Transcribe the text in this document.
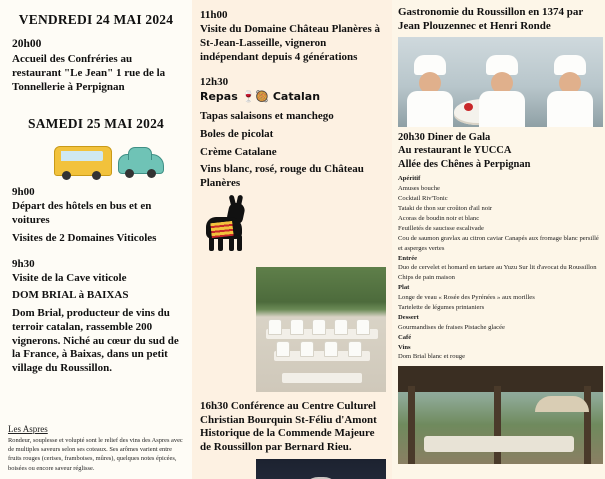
VENDREDI 24 MAI 2024
20h00
Accueil des Confréries au restaurant "Le Jean" 1 rue de la Tonnellerie à Perpignan
SAMEDI 25 MAI 2024
9h00
Départ des hôtels en bus et en voitures
Visites de 2 Domaines Viticoles
9h30
Visite de la Cave viticole
DOM BRIAL à BAIXAS
Dom Brial, producteur de vins du terroir catalan, rassemble 200 vignerons. Niché au cœur du sud de la France, à Baixas, dans un petit village du Roussillon.
Les Aspres
Rondeur, souplesse et volupté sont le relief des vins des Aspres avec de multiples saveurs selon ses coteaux. Ses arômes varient entre fruits rouges (cerises, framboises, mûres), quelques notes épicées, boisées ou encore saveur réglisse.
11h00
Visite du Domaine Château Planères à St-Jean-Lasseille, vigneron indépendant depuis 4 générations
12h30
Repas 🍷🥘 Catalan
Tapas salaisons et manchego
Boles de picolat
Crème Catalane
Vins blanc, rosé, rouge du Château Planères
16h30 Conférence au Centre Culturel Christian Bourquin St-Féliu d'Amont Historique de la Commende Majeure de Roussillon par Bernard Rieu.
Gastronomie du Roussillon en 1374 par Jean Plouzennec et Henri Ronde
20h30 Diner de Gala
Au restaurant le YUCCA
Allée des Chênes à Perpignan
Apéritif
Amuses bouche
Cocktail Riv'Tonic
Tataki de thon sur croûton d'ail noir
Acoras de boudin noir et blanc
Feuilletés de saucisse escalivade
Cou de saumon gravlax au citron caviar Canapés aux fromage blanc persillé et asperges vertes
Entrée
Duo de cervelet et homard en tartare au Yuzu Sur lit d'avocat du Roussillon
Chips de pain maison
Plat
Longe de veau « Rosée des Pyrénées » aux morilles
Tartelette de légumes printaniers
Dessert
Gourmandises de fraises Pistache glacée
Café
Vins
Dom Brial blanc et rouge
